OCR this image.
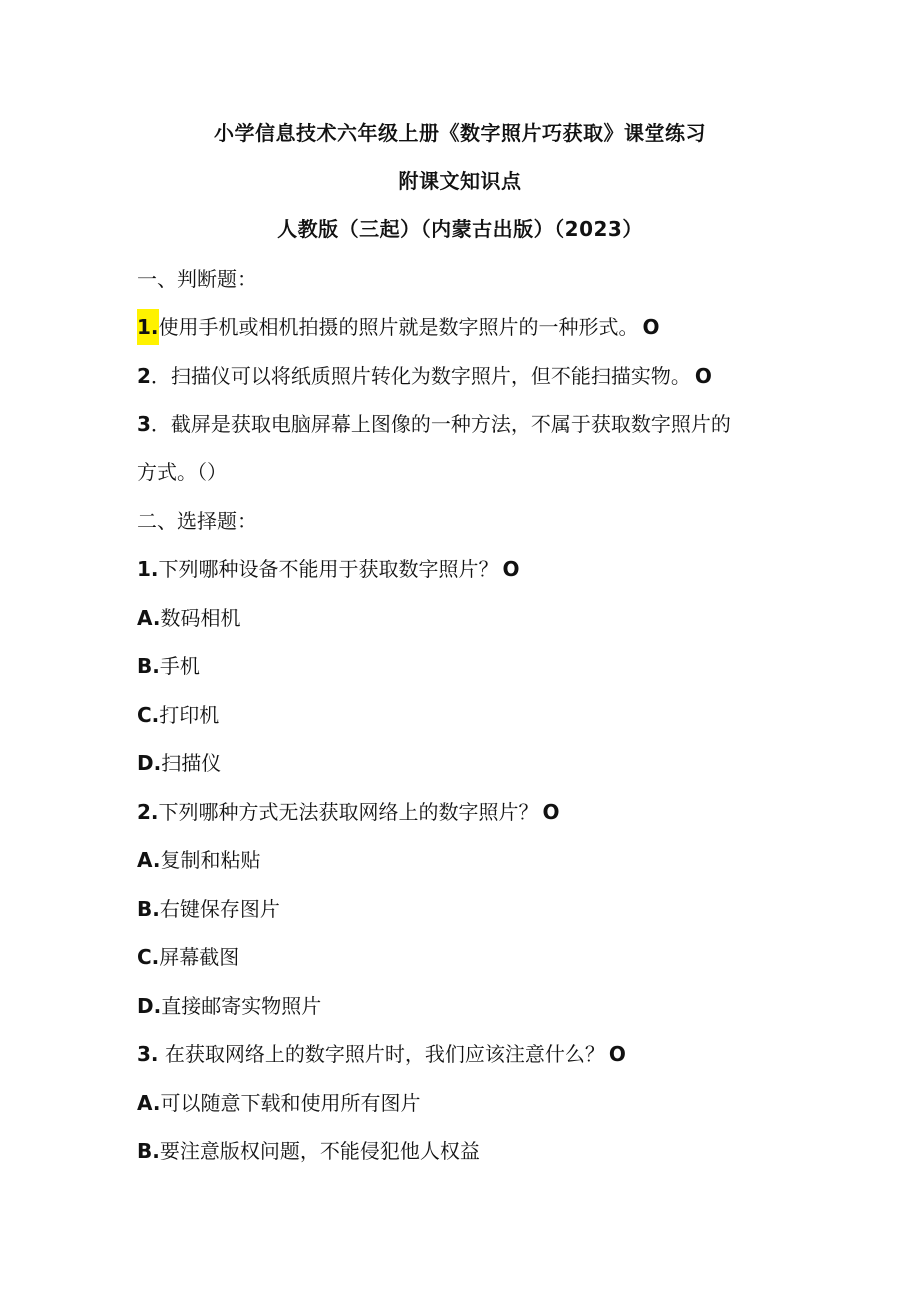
小学信息技术六年级上册《数字照片巧获取》课堂练习
附课文知识点
人教版（三起）（内蒙古出版）（2023）
一、判断题：
1.使用手机或相机拍摄的照片就是数字照片的一种形式。 O
2．扫描仪可以将纸质照片转化为数字照片，但不能扫描实物。 O
3．截屏是获取电脑屏幕上图像的一种方法，不属于获取数字照片的
方式。（）
二、选择题：
1.下列哪种设备不能用于获取数字照片？ O
A.数码相机
B.手机
C.打印机
D.扫描仪
2.下列哪种方式无法获取网络上的数字照片？ O
A.复制和粘贴
B.右键保存图片
C.屏幕截图
D.直接邮寄实物照片
3. 在获取网络上的数字照片时，我们应该注意什么？ O
A.可以随意下载和使用所有图片
B.要注意版权问题，不能侵犯他人权益
